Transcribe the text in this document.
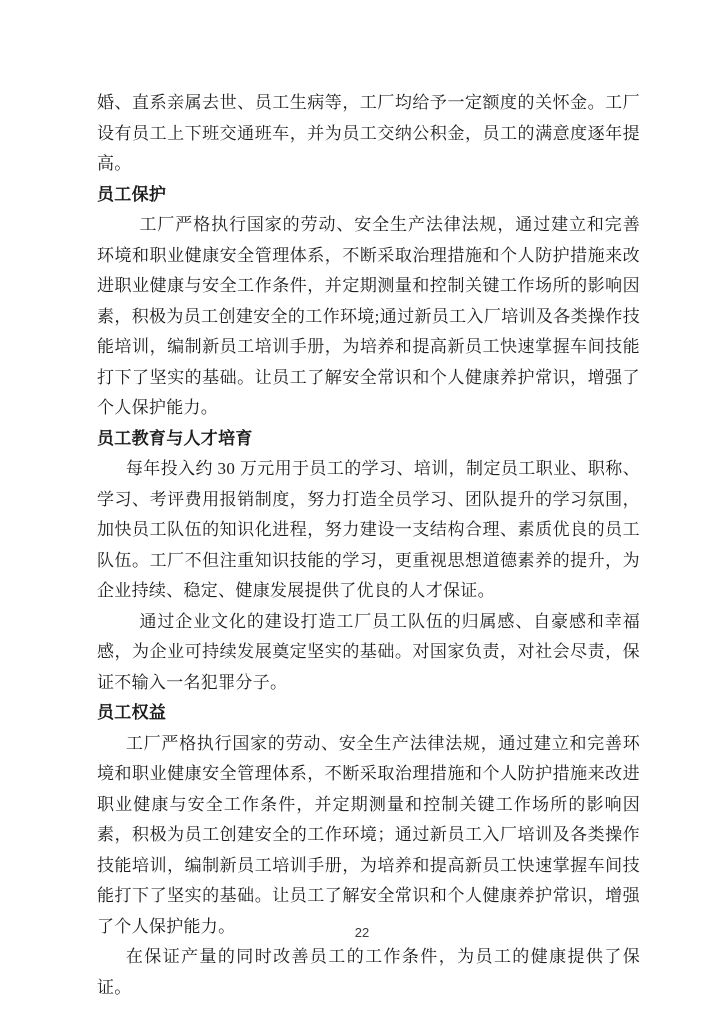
婚、直系亲属去世、员工生病等，工厂均给予一定额度的关怀金。工厂设有员工上下班交通班车，并为员工交纳公积金，员工的满意度逐年提高。

员工保护

工厂严格执行国家的劳动、安全生产法律法规，通过建立和完善环境和职业健康安全管理体系，不断采取治理措施和个人防护措施来改进职业健康与安全工作条件，并定期测量和控制关键工作场所的影响因素，积极为员工创建安全的工作环境;通过新员工入厂培训及各类操作技能培训，编制新员工培训手册，为培养和提高新员工快速掌握车间技能打下了坚实的基础。让员工了解安全常识和个人健康养护常识，增强了个人保护能力。

员工教育与人才培育

每年投入约 30 万元用于员工的学习、培训，制定员工职业、职称、学习、考评费用报销制度，努力打造全员学习、团队提升的学习氛围，加快员工队伍的知识化进程，努力建设一支结构合理、素质优良的员工队伍。工厂不但注重知识技能的学习，更重视思想道德素养的提升，为企业持续、稳定、健康发展提供了优良的人才保证。

通过企业文化的建设打造工厂员工队伍的归属感、自豪感和幸福感，为企业可持续发展奠定坚实的基础。对国家负责，对社会尽责，保证不输入一名犯罪分子。

员工权益

工厂严格执行国家的劳动、安全生产法律法规，通过建立和完善环境和职业健康安全管理体系，不断采取治理措施和个人防护措施来改进职业健康与安全工作条件，并定期测量和控制关键工作场所的影响因素，积极为员工创建安全的工作环境；通过新员工入厂培训及各类操作技能培训，编制新员工培训手册，为培养和提高新员工快速掌握车间技能打下了坚实的基础。让员工了解安全常识和个人健康养护常识，增强了个人保护能力。

在保证产量的同时改善员工的工作条件，为员工的健康提供了保证。

22
